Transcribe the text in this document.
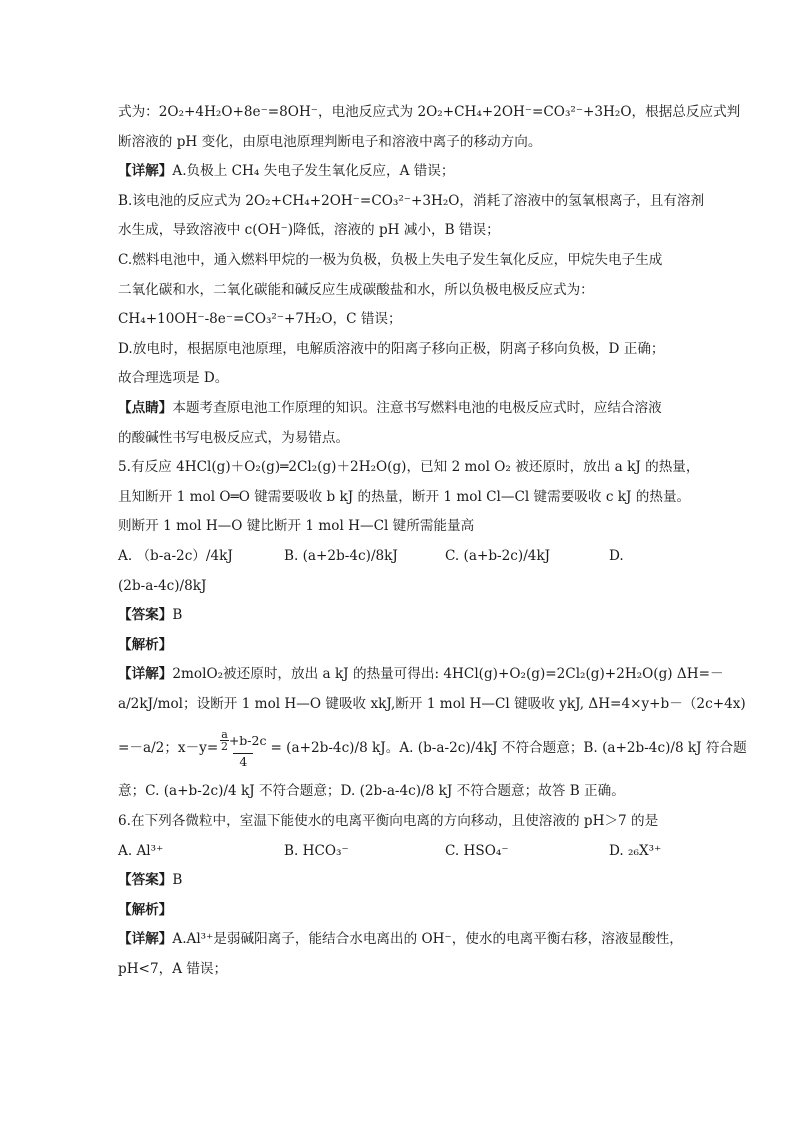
式为：2O₂+4H₂O+8e⁻=8OH⁻，电池反应式为 2O₂+CH₄+2OH⁻=CO₃²⁻+3H₂O，根据总反应式判
断溶液的 pH 变化，由原电池原理判断电子和溶液中离子的移动方向。
【详解】A.负极上 CH₄ 失电子发生氧化反应，A 错误；
B.该电池的反应式为 2O₂+CH₄+2OH⁻=CO₃²⁻+3H₂O，消耗了溶液中的氢氧根离子，且有溶剂
水生成，导致溶液中 c(OH⁻)降低，溶液的 pH 减小，B 错误；
C.燃料电池中，通入燃料甲烷的一极为负极，负极上失电子发生氧化反应，甲烷失电子生成
二氧化碳和水，二氧化碳能和碱反应生成碳酸盐和水，所以负极电极反应式为：
CH₄+10OH⁻-8e⁻=CO₃²⁻+7H₂O，C 错误；
D.放电时，根据原电池原理，电解质溶液中的阳离子移向正极，阴离子移向负极，D 正确；
故合理选项是 D。
【点睛】本题考查原电池工作原理的知识。注意书写燃料电池的电极反应式时，应结合溶液
的酸碱性书写电极反应式，为易错点。
5.有反应 4HCl(g)＋O₂(g)═2Cl₂(g)＋2H₂O(g)，已知 2 mol O₂ 被还原时，放出 a kJ 的热量，
且知断开 1 mol O═O 键需要吸收 b kJ 的热量，断开 1 mol Cl—Cl 键需要吸收 c kJ 的热量。
则断开 1 mol H—O 键比断开 1 mol H—Cl 键所需能量高
A. （b-a-2c）/4kJ	B. (a+2b-4c)/8kJ	C. (a+b-2c)/4kJ	D.
(2b-a-4c)/8kJ
【答案】B
【解析】
【详解】2molO₂被还原时，放出 a kJ 的热量可得出: 4HCl(g)+O₂(g)=2Cl₂(g)+2H₂O(g) ΔH=－
a/2kJ/mol；设断开 1 mol H—O 键吸收 xkJ,断开 1 mol H—Cl 键吸收 ykJ, ΔH=4×y+b－（2c+4x)
=－a/2；x－y= a
2 +b-2c
4 = (a+2b-4c)/8 kJ。A. (b-a-2c)/4kJ 不符合题意；B. (a+2b-4c)/8 kJ 符合题
意；C. (a+b-2c)/4 kJ 不符合题意；D. (2b-a-4c)/8 kJ 不符合题意；故答 B 正确。
6.在下列各微粒中，室温下能使水的电离平衡向电离的方向移动，且使溶液的 pH＞7 的是
A. Al³⁺	B. HCO₃⁻	C. HSO₄⁻	D. ₂₆X³⁺
【答案】B
【解析】
【详解】A.Al³⁺是弱碱阳离子，能结合水电离出的 OH⁻，使水的电离平衡右移，溶液显酸性，
pH<7，A 错误；
